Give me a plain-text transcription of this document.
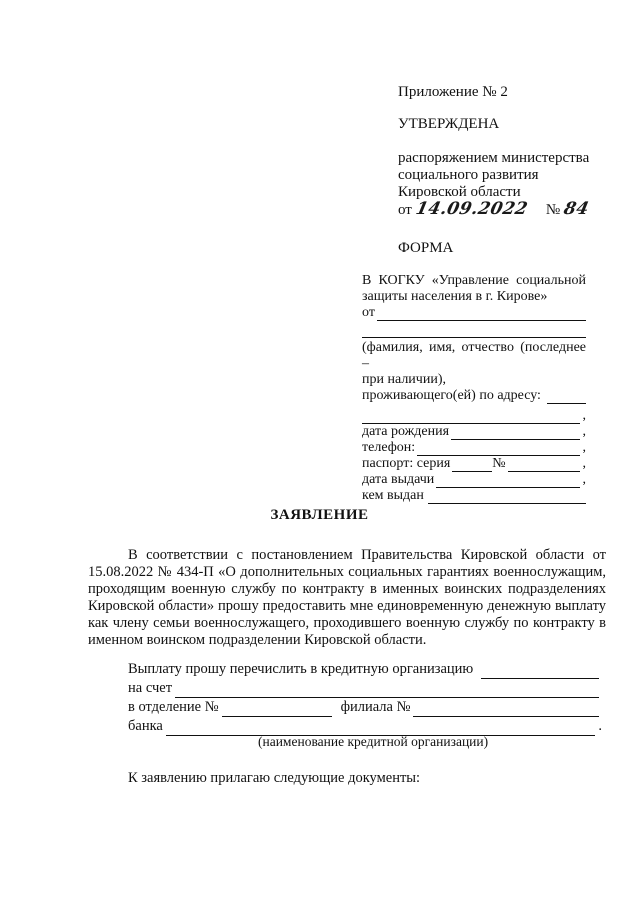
Приложение № 2
УТВЕРЖДЕНА
распоряжением министерства
социального развития
Кировской области
от 14.09.2022 № 84
ФОРМА
В КОГКУ «Управление социальной
защиты населения в г. Кирове»
от
(фамилия, имя, отчество (последнее –
при наличии),
проживающего(ей) по адресу:
,
дата рождения	,
телефон:	,
паспорт: серия	№	,
дата выдачи	,
кем выдан
ЗАЯВЛЕНИЕ
В соответствии с постановлением Правительства Кировской области от 15.08.2022 № 434-П «О дополнительных социальных гарантиях военнослужащим, проходящим военную службу по контракту в именных воинских подразделениях Кировской области» прошу предоставить мне единовременную денежную выплату как члену семьи военнослужащего, проходившего военную службу по контракту в именном воинском подразделении Кировской области.
Выплату прошу перечислить в кредитную организацию
на счет
в отделение №	филиала №
банка	.
(наименование кредитной организации)
К заявлению прилагаю следующие документы:
